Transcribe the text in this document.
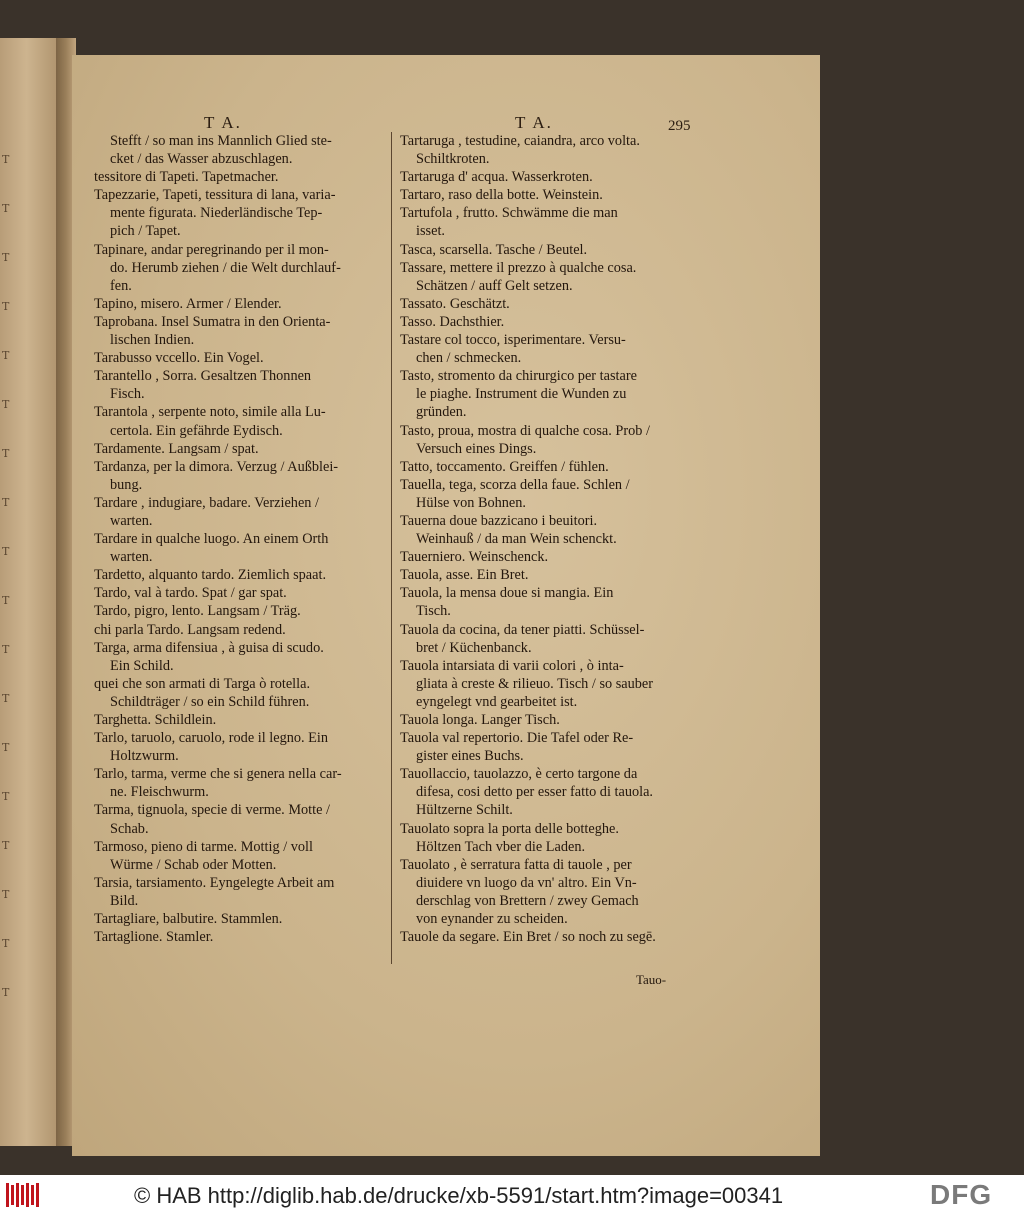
T
T
T
T
T
T
T
T
T
T
T
T
T
T
T
T
T
T
T A.	T A.	295
Stefft / so man ins Mannlich Glied ste-
cket / das Wasser abzuschlagen.
tessitore di Tapeti. Tapetmacher.
Tapezzarie, Tapeti, tessitura di lana, varia-
mente figurata. Niederländische Tep-
pich / Tapet.
Tapinare, andar peregrinando per il mon-
do. Herumb ziehen / die Welt durchlauf-
fen.
Tapino, misero. Armer / Elender.
Taprobana. Insel Sumatra in den Orienta-
lischen Indien.
Tarabusso vccello. Ein Vogel.
Tarantello , Sorra. Gesaltzen Thonnen
Fisch.
Tarantola , serpente noto, simile alla Lu-
certola. Ein gefährde Eydisch.
Tardamente. Langsam / spat.
Tardanza, per la dimora. Verzug / Außblei-
bung.
Tardare , indugiare, badare. Verziehen /
warten.
Tardare in qualche luogo. An einem Orth
warten.
Tardetto, alquanto tardo. Ziemlich spaat.
Tardo, val à tardo. Spat / gar spat.
Tardo, pigro, lento. Langsam / Träg.
chi parla Tardo. Langsam redend.
Targa, arma difensiua , à guisa di scudo.
Ein Schild.
quei che son armati di Targa ò rotella.
Schildträger / so ein Schild führen.
Targhetta. Schildlein.
Tarlo, taruolo, caruolo, rode il legno. Ein
Holtzwurm.
Tarlo, tarma, verme che si genera nella car-
ne. Fleischwurm.
Tarma, tignuola, specie di verme. Motte /
Schab.
Tarmoso, pieno di tarme. Mottig / voll
Würme / Schab oder Motten.
Tarsia, tarsiamento. Eyngelegte Arbeit am
Bild.
Tartagliare, balbutire. Stammlen.
Tartaglione. Stamler.
Tartaruga , testudine, caiandra, arco volta.
Schiltkroten.
Tartaruga d' acqua. Wasserkroten.
Tartaro, raso della botte. Weinstein.
Tartufola , frutto. Schwämme die man
isset.
Tasca, scarsella. Tasche / Beutel.
Tassare, mettere il prezzo à qualche cosa.
Schätzen / auff Gelt setzen.
Tassato. Geschätzt.
Tasso. Dachsthier.
Tastare col tocco, isperimentare. Versu-
chen / schmecken.
Tasto, stromento da chirurgico per tastare
le piaghe. Instrument die Wunden zu
gründen.
Tasto, proua, mostra di qualche cosa. Prob /
Versuch eines Dings.
Tatto, toccamento. Greiffen / fühlen.
Tauella, tega, scorza della faue. Schlen /
Hülse von Bohnen.
Tauerna doue bazzicano i beuitori.
Weinhauß / da man Wein schenckt.
Tauerniero. Weinschenck.
Tauola, asse. Ein Bret.
Tauola, la mensa doue si mangia. Ein
Tisch.
Tauola da cocina, da tener piatti. Schüssel-
bret / Küchenbanck.
Tauola intarsiata di varii colori , ò inta-
gliata à creste & rilieuo. Tisch / so sauber
eyngelegt vnd gearbeitet ist.
Tauola longa. Langer Tisch.
Tauola val repertorio. Die Tafel oder Re-
gister eines Buchs.
Tauollaccio, tauolazzo, è certo targone da
difesa, cosi detto per esser fatto di tauola.
Hültzerne Schilt.
Tauolato sopra la porta delle botteghe.
Höltzen Tach vber die Laden.
Tauolato , è serratura fatta di tauole , per
diuidere vn luogo da vn' altro. Ein Vn-
derschlag von Brettern / zwey Gemach
von eynander zu scheiden.
Tauole da segare. Ein Bret / so noch zu segē.
Tauo-
© HAB http://diglib.hab.de/drucke/xb-5591/start.htm?image=00341	DFG
